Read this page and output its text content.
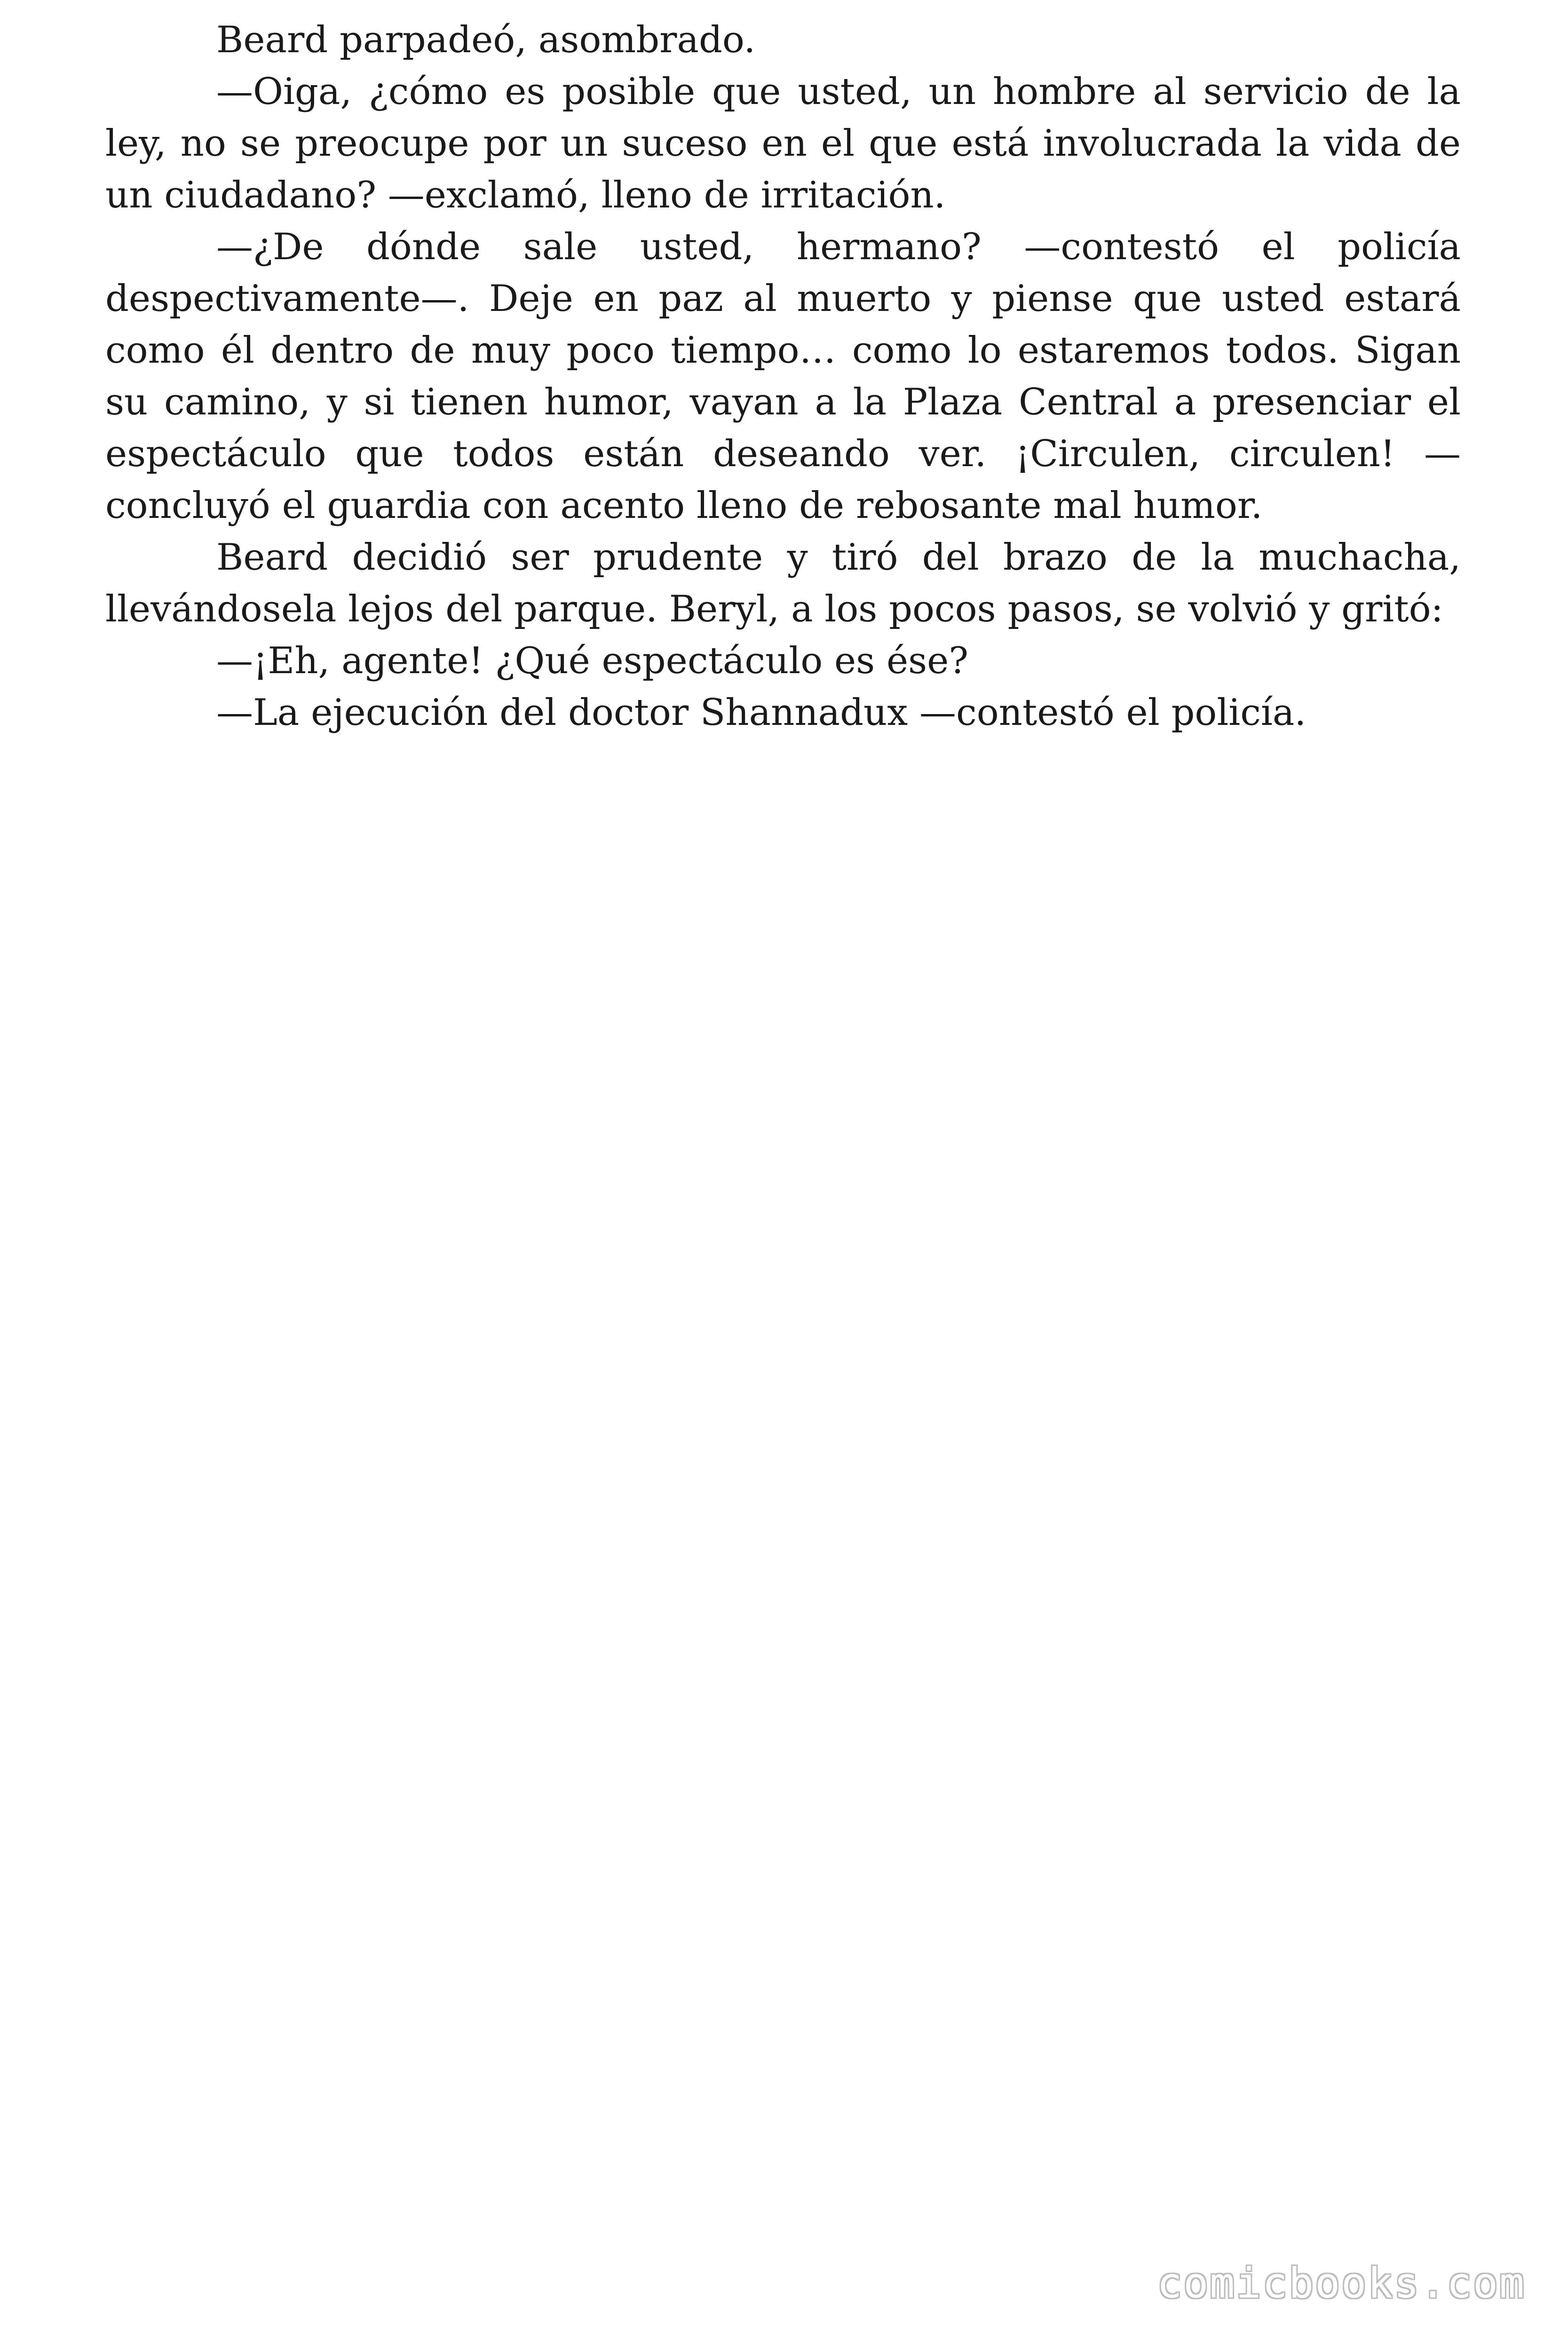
Beard parpadeó, asombrado.

—Oiga, ¿cómo es posible que usted, un hombre al servicio de la ley, no se preocupe por un suceso en el que está involucrada la vida de un ciudadano? —exclamó, lleno de irritación.

—¿De dónde sale usted, hermano? —contestó el policía despectivamente—. Deje en paz al muerto y piense que usted estará como él dentro de muy poco tiempo… como lo estaremos todos. Sigan su camino, y si tienen humor, vayan a la Plaza Central a presenciar el espectáculo que todos están deseando ver. ¡Circulen, circulen! —concluyó el guardia con acento lleno de rebosante mal humor.

Beard decidió ser prudente y tiró del brazo de la muchacha, llevándosela lejos del parque. Beryl, a los pocos pasos, se volvió y gritó:

—¡Eh, agente! ¿Qué espectáculo es ése?

—La ejecución del doctor Shannadux —contestó el policía.

comicbooks.com
